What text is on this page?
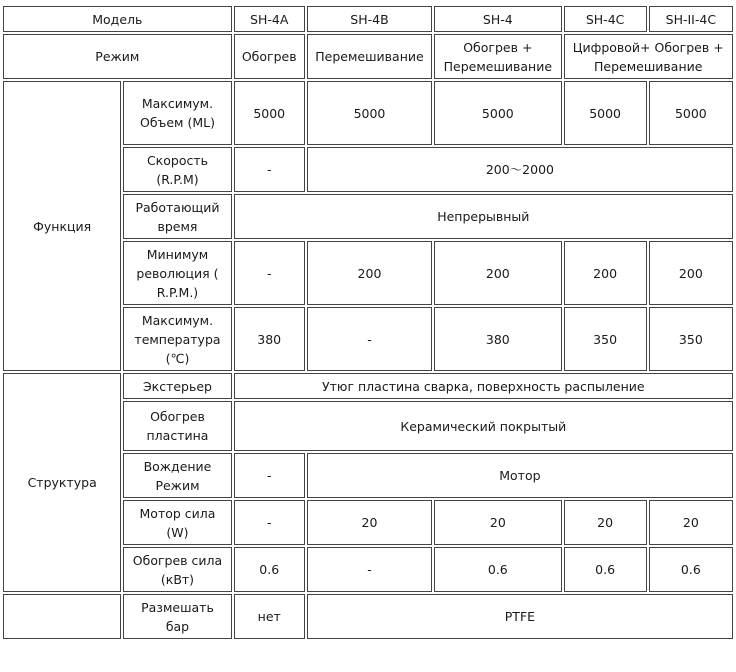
Модель		SH-4A	SH-4B	SH-4	SH-4C	SH-II-4C
Режим		Обогрев	Перемешивание	Обогрев + Перемешивание	Цифровой+ Обогрев + Перемешивание	
Функция	Максимум. Объем (ML)	5000	5000	5000	5000	5000
	Скорость (R.P.M)	-	200～2000			
	Работающий время	Непрерывный				
	Минимум революция ( R.P.M.)	-	200	200	200	200
	Максимум. температура (℃)	380	-	380	350	350
Структура	Экстерьер	Утюг пластина сварка, поверхность распыление				
	Обогрев пластина	Керамический покрытый				
	Вождение Режим	-	Мотор			
	Мотор сила (W)	-	20	20	20	20
	Обогрев сила (кВт)	0.6	-	0.6	0.6	0.6
	Размешать бар	нет	PTFE			
